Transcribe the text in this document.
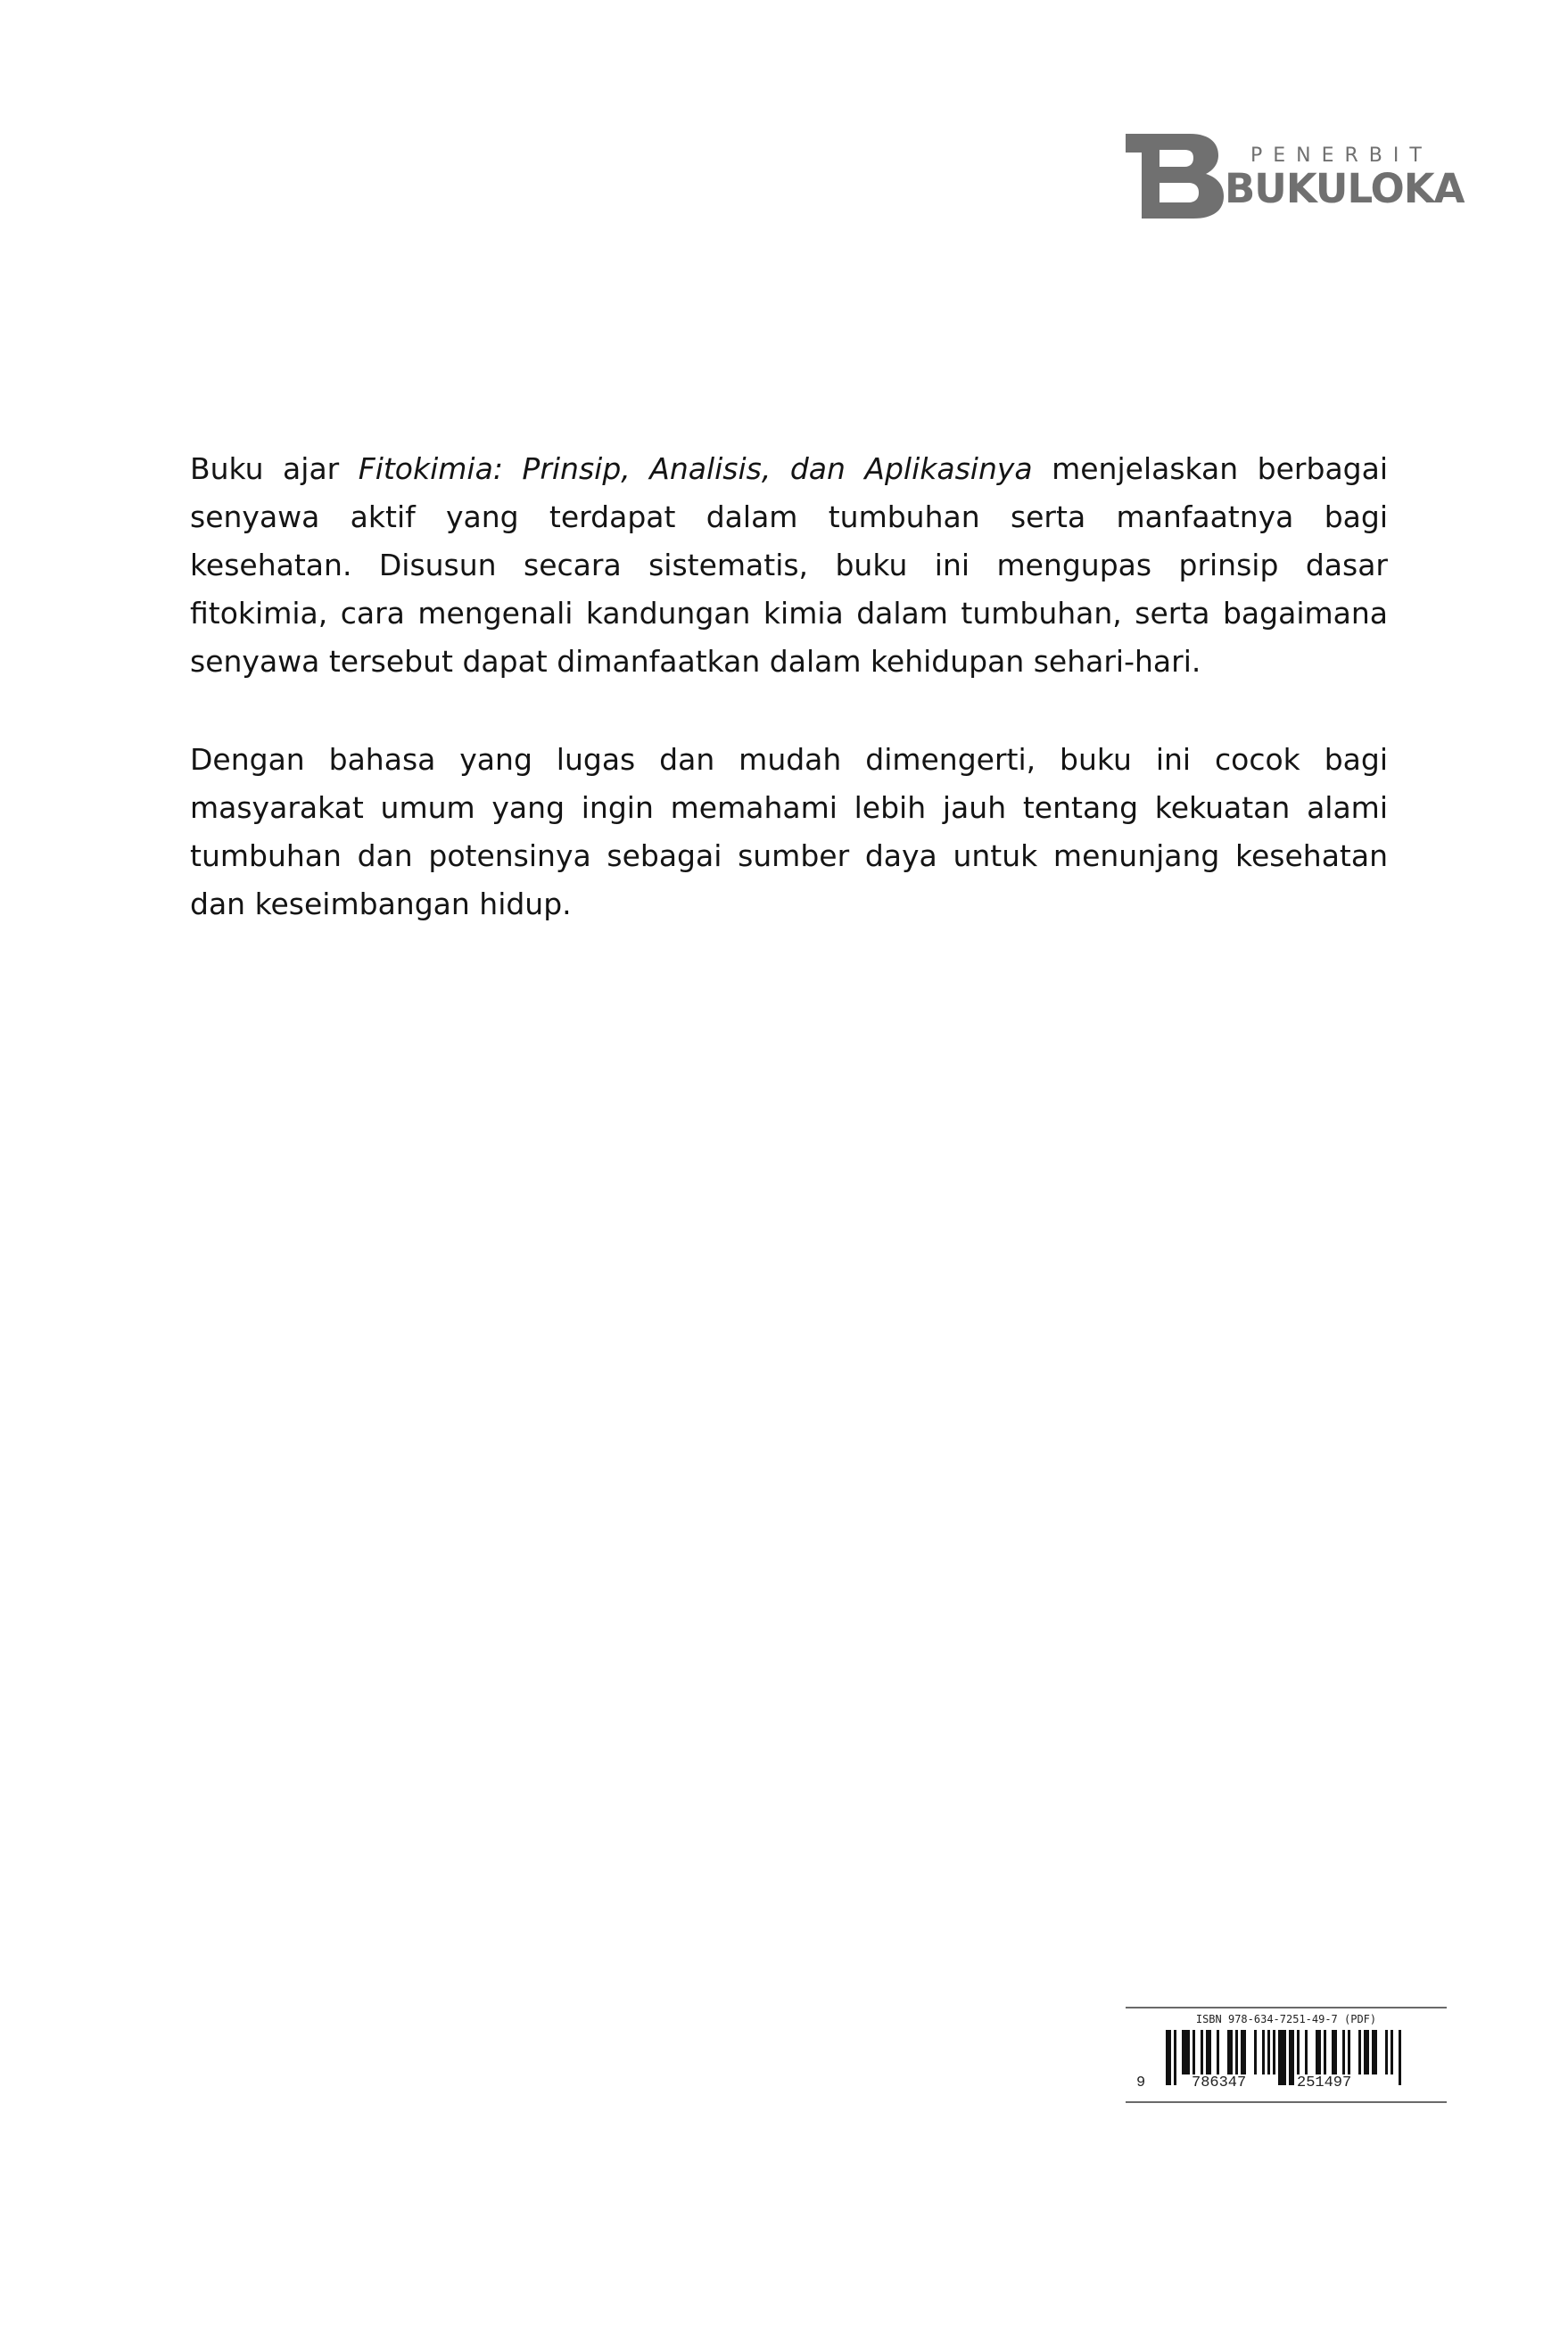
PENERBIT
BUKULOKA

Buku ajar Fitokimia: Prinsip, Analisis, dan Aplikasinya menjelaskan berbagai senyawa aktif yang terdapat dalam tumbuhan serta manfaatnya bagi kesehatan. Disusun secara sistematis, buku ini mengupas prinsip dasar fitokimia, cara mengenali kandungan kimia dalam tumbuhan, serta bagaimana senyawa tersebut dapat dimanfaatkan dalam kehidupan sehari-hari.

Dengan bahasa yang lugas dan mudah dimengerti, buku ini cocok bagi masyarakat umum yang ingin memahami lebih jauh tentang kekuatan alami tumbuhan dan potensinya sebagai sumber daya untuk menunjang kesehatan dan keseimbangan hidup.

ISBN 978-634-7251-49-7 (PDF)
9	786347	251497
